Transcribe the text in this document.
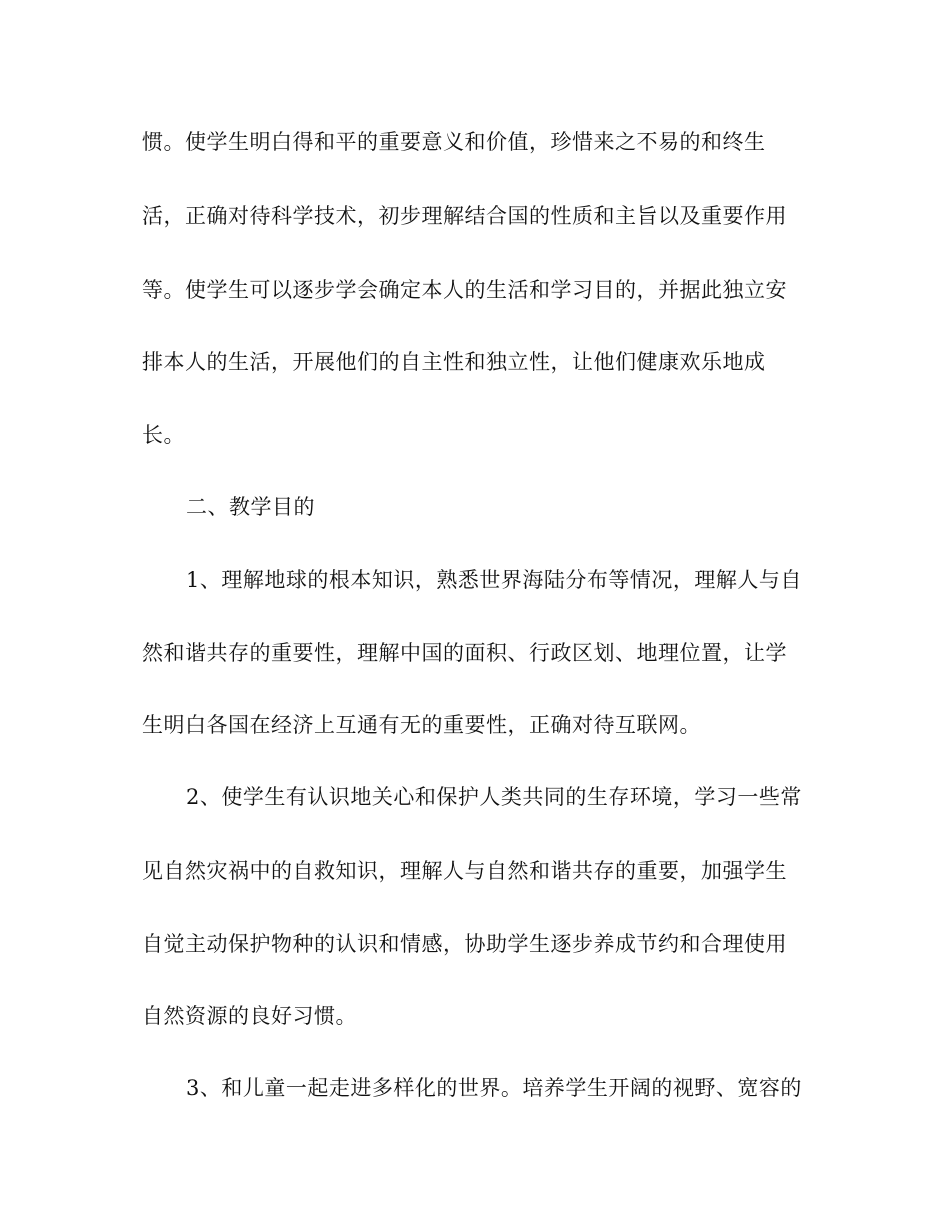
惯。使学生明白得和平的重要意义和价值，珍惜来之不易的和终生

活，正确对待科学技术，初步理解结合国的性质和主旨以及重要作用

等。使学生可以逐步学会确定本人的生活和学习目的，并据此独立安

排本人的生活，开展他们的自主性和独立性，让他们健康欢乐地成

长。

二、教学目的

1、理解地球的根本知识，熟悉世界海陆分布等情况，理解人与自

然和谐共存的重要性，理解中国的面积、行政区划、地理位置，让学

生明白各国在经济上互通有无的重要性，正确对待互联网。

2、使学生有认识地关心和保护人类共同的生存环境，学习一些常

见自然灾祸中的自救知识，理解人与自然和谐共存的重要，加强学生

自觉主动保护物种的认识和情感，协助学生逐步养成节约和合理使用

自然资源的良好习惯。

3、和儿童一起走进多样化的世界。培养学生开阔的视野、宽容的
